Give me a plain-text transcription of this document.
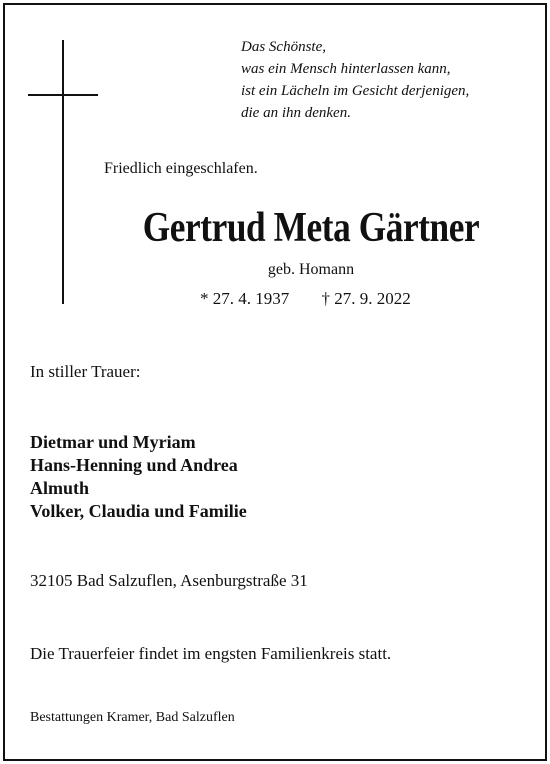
Das Schönste,
was ein Mensch hinterlassen kann,
ist ein Lächeln im Gesicht derjenigen,
die an ihn denken.
Friedlich eingeschlafen.
Gertrud Meta Gärtner
geb. Homann
* 27. 4. 1937 † 27. 9. 2022
In stiller Trauer:
Dietmar und Myriam
Hans-Henning und Andrea
Almuth
Volker, Claudia und Familie
32105 Bad Salzuflen, Asenburgstraße 31
Die Trauerfeier findet im engsten Familienkreis statt.
Bestattungen Kramer, Bad Salzuflen
